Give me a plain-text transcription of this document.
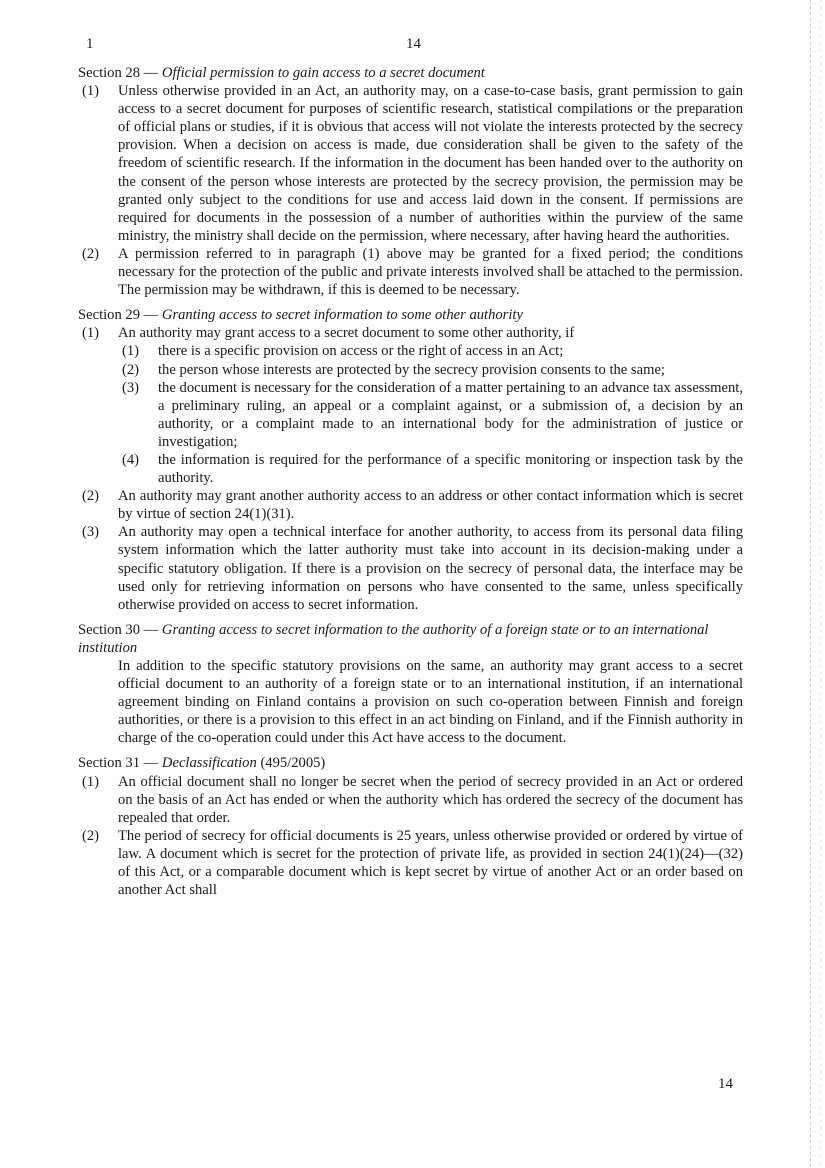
1	14

Section 28 — Official permission to gain access to a secret document

(1)	Unless otherwise provided in an Act, an authority may, on a case-to-case basis, grant permission to gain access to a secret document for purposes of scientific research, statistical compilations or the preparation of official plans or studies, if it is obvious that access will not violate the interests protected by the secrecy provision. When a decision on access is made, due consideration shall be given to the safety of the freedom of scientific research. If the information in the document has been handed over to the authority on the consent of the person whose interests are protected by the secrecy provision, the permission may be granted only subject to the conditions for use and access laid down in the consent. If permissions are required for documents in the possession of a number of authorities within the purview of the same ministry, the ministry shall decide on the permission, where necessary, after having heard the authorities.
(2)	A permission referred to in paragraph (1) above may be granted for a fixed period; the conditions necessary for the protection of the public and private interests involved shall be attached to the permission. The permission may be withdrawn, if this is deemed to be necessary.

Section 29 — Granting access to secret information to some other authority

(1)	An authority may grant access to a secret document to some other authority, if
(1)	there is a specific provision on access or the right of access in an Act;
(2)	the person whose interests are protected by the secrecy provision consents to the same;
(3)	the document is necessary for the consideration of a matter pertaining to an advance tax assessment, a preliminary ruling, an appeal or a complaint against, or a submission of, a decision by an authority, or a complaint made to an international body for the administration of justice or investigation;
(4)	the information is required for the performance of a specific monitoring or inspection task by the authority.
(2)	An authority may grant another authority access to an address or other contact information which is secret by virtue of section 24(1)(31).
(3)	An authority may open a technical interface for another authority, to access from its personal data filing system information which the latter authority must take into account in its decision-making under a specific statutory obligation. If there is a provision on the secrecy of personal data, the interface may be used only for retrieving information on persons who have consented to the same, unless specifically otherwise provided on access to secret information.

Section 30 — Granting access to secret information to the authority of a foreign state or to an international institution

In addition to the specific statutory provisions on the same, an authority may grant access to a secret official document to an authority of a foreign state or to an international institution, if an international agreement binding on Finland contains a provision on such co-operation between Finnish and foreign authorities, or there is a provision to this effect in an act binding on Finland, and if the Finnish authority in charge of the co-operation could under this Act have access to the document.

Section 31 — Declassification (495/2005)

(1)	An official document shall no longer be secret when the period of secrecy provided in an Act or ordered on the basis of an Act has ended or when the authority which has ordered the secrecy of the document has repealed that order.
(2)	The period of secrecy for official documents is 25 years, unless otherwise provided or ordered by virtue of law. A document which is secret for the protection of private life, as provided in section 24(1)(24)—(32) of this Act, or a comparable document which is kept secret by virtue of another Act or an order based on another Act shall
14
